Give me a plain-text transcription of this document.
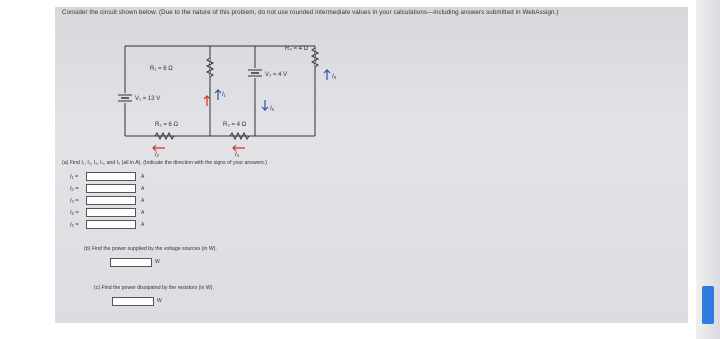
Consider the circuit shown below. (Due to the nature of this problem, do not use rounded intermediate values in your calculations—including answers submitted in WebAssign.)
R₁ = 6 Ω
R₄ = 4 Ω
V₁ = 13 V
V₂ = 4 V
R₂ = 6 Ω	R₃ = 4 Ω
I₁
I₄
I₅
I₂	I₃
(a) Find I₁, I₂, I₃, I₄, and I₅ (all in A). (Indicate the direction with the signs of your answers.)
I₁ =	A
I₂ =	A
I₃ =	A
I₄ =	A
I₅ =	A
(b) Find the power supplied by the voltage sources (in W).
W
(c) Find the power dissipated by the resistors (in W).
W
